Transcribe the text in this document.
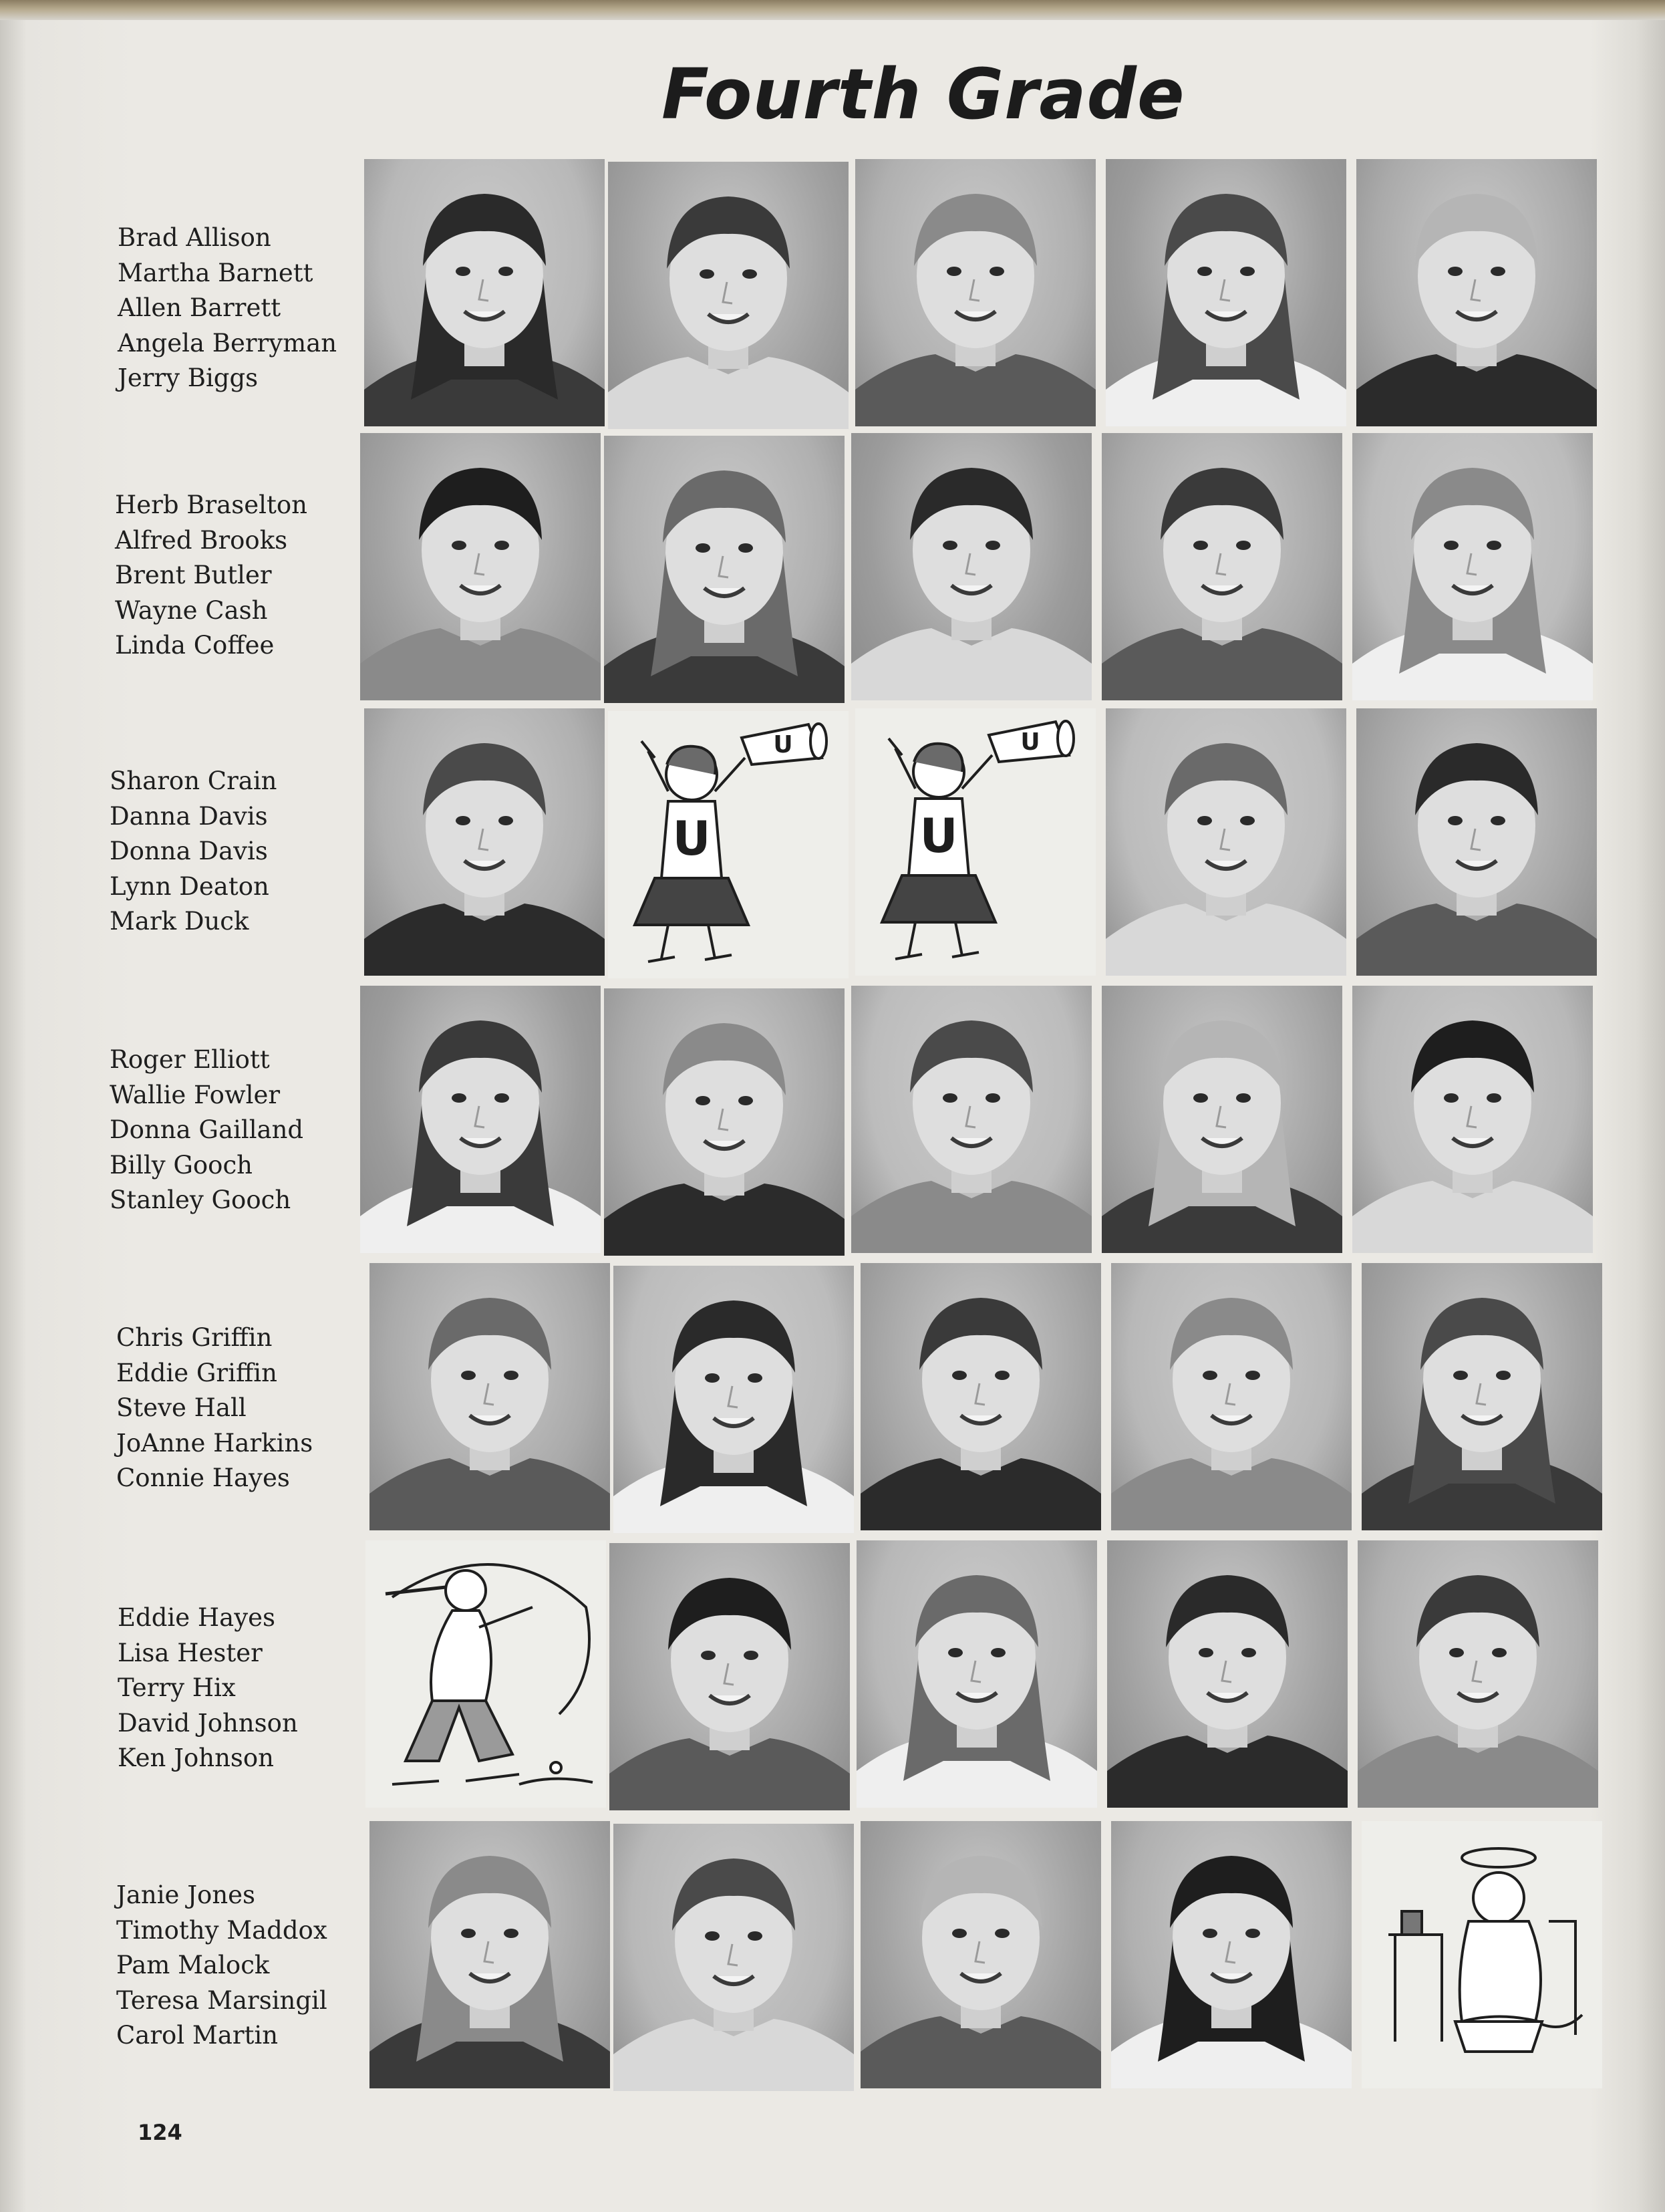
Fourth Grade
Brad Allison
Martha Barnett
Allen Barrett
Angela Berryman
Jerry Biggs
Herb Braselton
Alfred Brooks
Brent Butler
Wayne Cash
Linda Coffee
Sharon Crain
Danna Davis
Donna Davis
Lynn Deaton
Mark Duck
U
U
U
U
Roger Elliott
Wallie Fowler
Donna Gailland
Billy Gooch
Stanley Gooch
Chris Griffin
Eddie Griffin
Steve Hall
JoAnne Harkins
Connie Hayes
Eddie Hayes
Lisa Hester
Terry Hix
David Johnson
Ken Johnson
Janie Jones
Timothy Maddox
Pam Malock
Teresa Marsingil
Carol Martin
124
